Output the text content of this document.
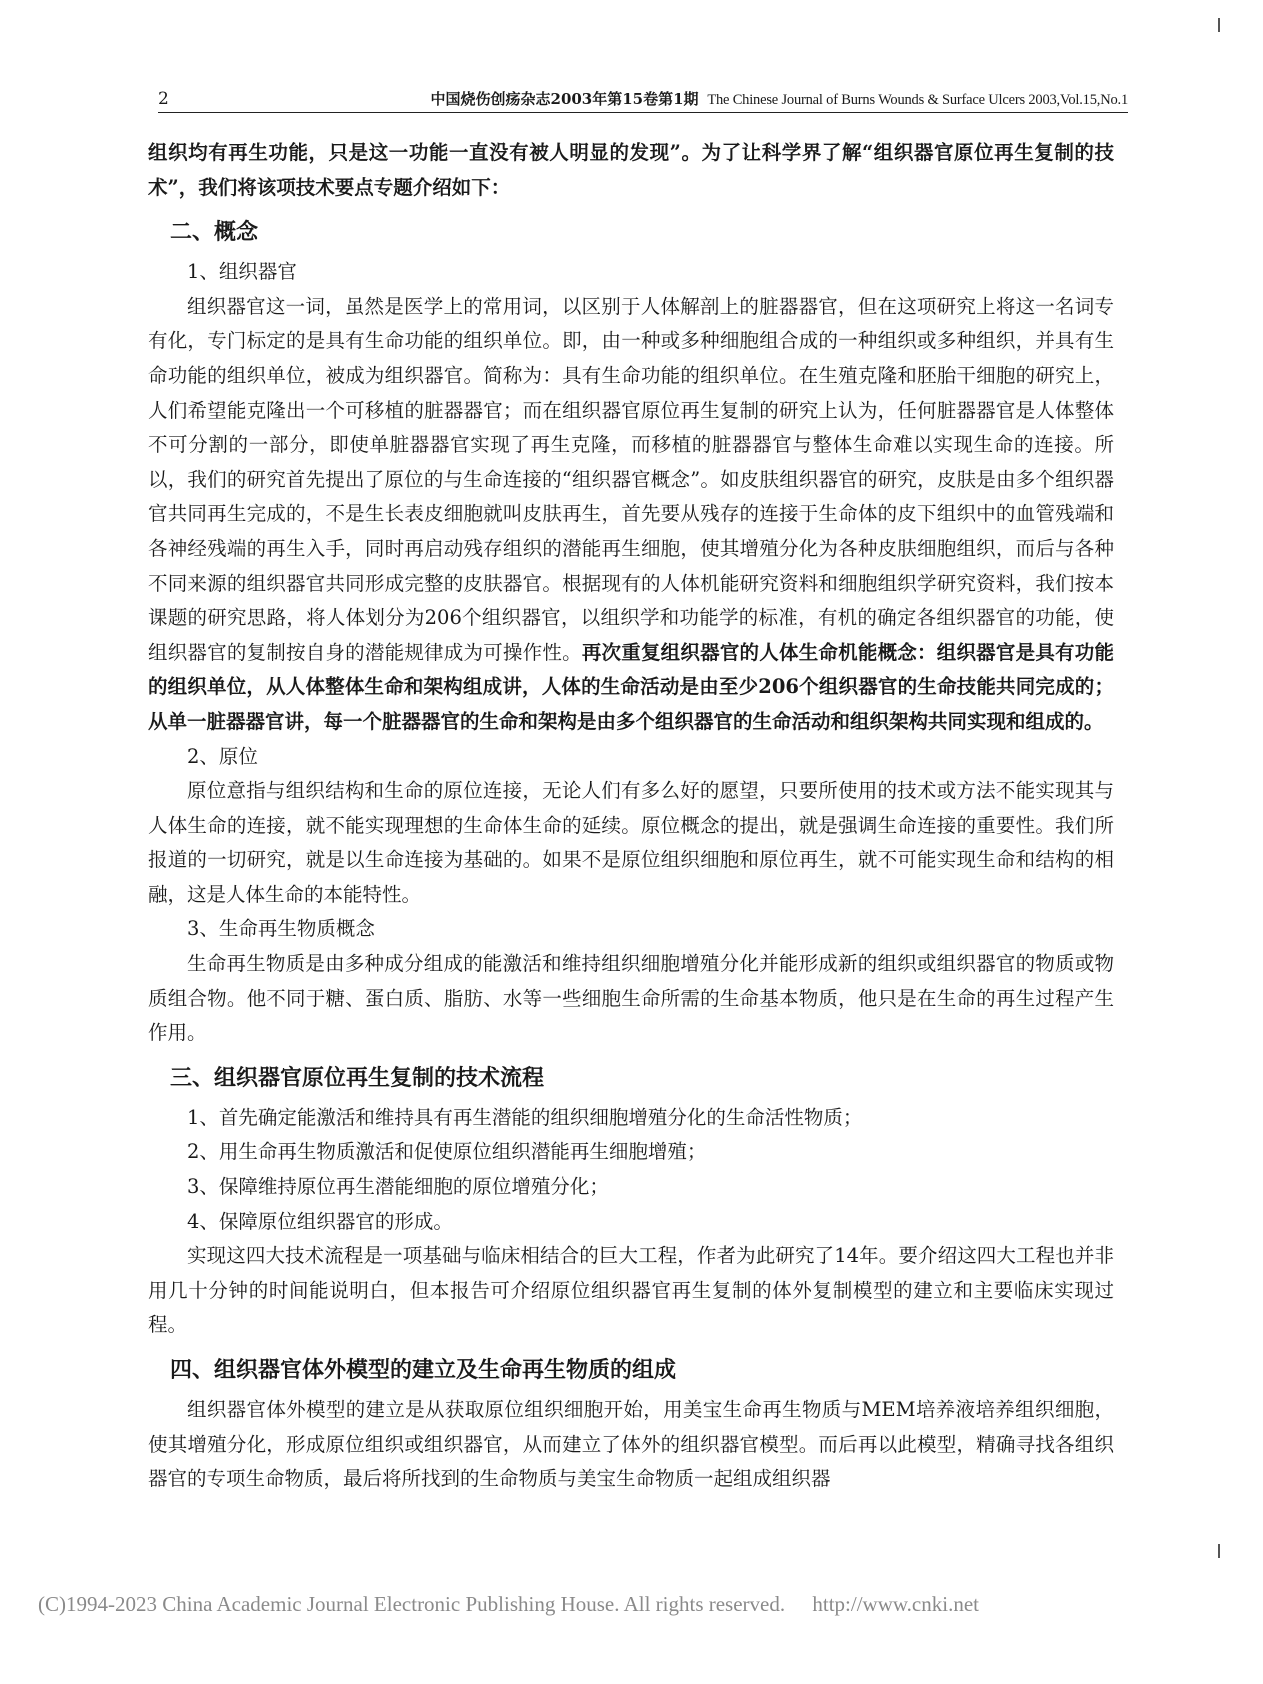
2	中国烧伤创疡杂志2003年第15卷第1期 The Chinese Journal of Burns Wounds & Surface Ulcers 2003,Vol.15,No.1

组织均有再生功能，只是这一功能一直没有被人明显的发现”。为了让科学界了解“组织器官原位再生复制的技术”，我们将该项技术要点专题介绍如下：

二、概念

1、组织器官

组织器官这一词，虽然是医学上的常用词，以区别于人体解剖上的脏器器官，但在这项研究上将这一名词专有化，专门标定的是具有生命功能的组织单位。即，由一种或多种细胞组合成的一种组织或多种组织，并具有生命功能的组织单位，被成为组织器官。简称为：具有生命功能的组织单位。在生殖克隆和胚胎干细胞的研究上，人们希望能克隆出一个可移植的脏器器官；而在组织器官原位再生复制的研究上认为，任何脏器器官是人体整体不可分割的一部分，即使单脏器器官实现了再生克隆，而移植的脏器器官与整体生命难以实现生命的连接。所以，我们的研究首先提出了原位的与生命连接的“组织器官概念”。如皮肤组织器官的研究，皮肤是由多个组织器官共同再生完成的，不是生长表皮细胞就叫皮肤再生，首先要从残存的连接于生命体的皮下组织中的血管残端和各神经残端的再生入手，同时再启动残存组织的潜能再生细胞，使其增殖分化为各种皮肤细胞组织，而后与各种不同来源的组织器官共同形成完整的皮肤器官。根据现有的人体机能研究资料和细胞组织学研究资料，我们按本课题的研究思路，将人体划分为206个组织器官，以组织学和功能学的标准，有机的确定各组织器官的功能，使组织器官的复制按自身的潜能规律成为可操作性。再次重复组织器官的人体生命机能概念：组织器官是具有功能的组织单位，从人体整体生命和架构组成讲，人体的生命活动是由至少206个组织器官的生命技能共同完成的；从单一脏器器官讲，每一个脏器器官的生命和架构是由多个组织器官的生命活动和组织架构共同实现和组成的。

2、原位

原位意指与组织结构和生命的原位连接，无论人们有多么好的愿望，只要所使用的技术或方法不能实现其与人体生命的连接，就不能实现理想的生命体生命的延续。原位概念的提出，就是强调生命连接的重要性。我们所报道的一切研究，就是以生命连接为基础的。如果不是原位组织细胞和原位再生，就不可能实现生命和结构的相融，这是人体生命的本能特性。

3、生命再生物质概念

生命再生物质是由多种成分组成的能激活和维持组织细胞增殖分化并能形成新的组织或组织器官的物质或物质组合物。他不同于糖、蛋白质、脂肪、水等一些细胞生命所需的生命基本物质，他只是在生命的再生过程产生作用。

三、组织器官原位再生复制的技术流程

1、首先确定能激活和维持具有再生潜能的组织细胞增殖分化的生命活性物质；

2、用生命再生物质激活和促使原位组织潜能再生细胞增殖；

3、保障维持原位再生潜能细胞的原位增殖分化；

4、保障原位组织器官的形成。

实现这四大技术流程是一项基础与临床相结合的巨大工程，作者为此研究了14年。要介绍这四大工程也并非用几十分钟的时间能说明白，但本报告可介绍原位组织器官再生复制的体外复制模型的建立和主要临床实现过程。

四、组织器官体外模型的建立及生命再生物质的组成

组织器官体外模型的建立是从获取原位组织细胞开始，用美宝生命再生物质与MEM培养液培养组织细胞，使其增殖分化，形成原位组织或组织器官，从而建立了体外的组织器官模型。而后再以此模型，精确寻找各组织器官的专项生命物质，最后将所找到的生命物质与美宝生命物质一起组成组织器

(C)1994-2023 China Academic Journal Electronic Publishing House. All rights reserved. http://www.cnki.net
